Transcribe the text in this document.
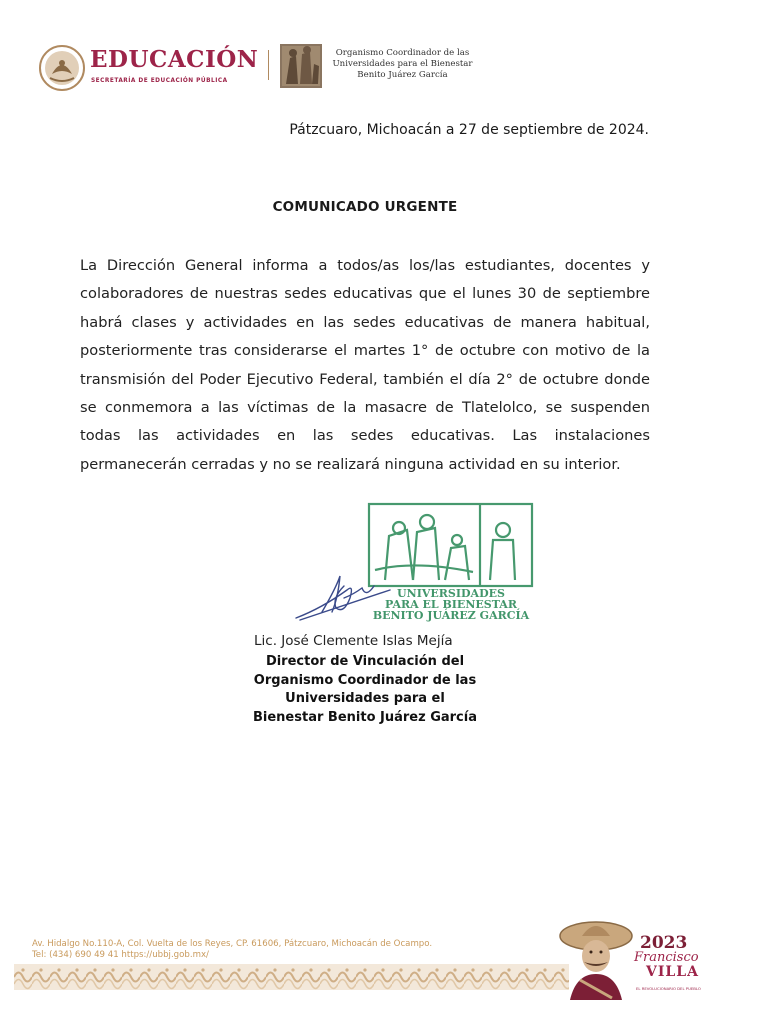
EDUCACIÓN
SECRETARÍA DE EDUCACIÓN PÚBLICA
Organismo Coordinador de las
Universidades para el Bienestar
Benito Juárez García
Pátzcuaro, Michoacán a 27 de septiembre de 2024.
COMUNICADO URGENTE
La Dirección General informa a todos/as los/las estudiantes, docentes y colaboradores de nuestras sedes educativas que el lunes 30 de septiembre habrá clases y actividades en las sedes educativas de manera habitual, posteriormente tras considerarse el martes 1° de octubre con motivo de la transmisión del Poder Ejecutivo Federal, también el día 2° de octubre donde se conmemora a las víctimas de la masacre de Tlatelolco, se suspenden todas las actividades en las sedes educativas. Las instalaciones permanecerán cerradas y no se realizará ninguna actividad en su interior.
UNIVERSIDADES
PARA EL BIENESTAR
BENITO JUÁREZ GARCÍA
Lic. José Clemente Islas Mejía
Director de Vinculación del
Organismo Coordinador de las
Universidades para el
Bienestar Benito Juárez García
Av. Hidalgo No.110-A, Col. Vuelta de los Reyes, CP. 61606, Pátzcuaro, Michoacán de Ocampo.
Tel: (434) 690 49 41 https://ubbj.gob.mx/
2023
Francisco
VILLA
EL REVOLUCIONARIO DEL PUEBLO
